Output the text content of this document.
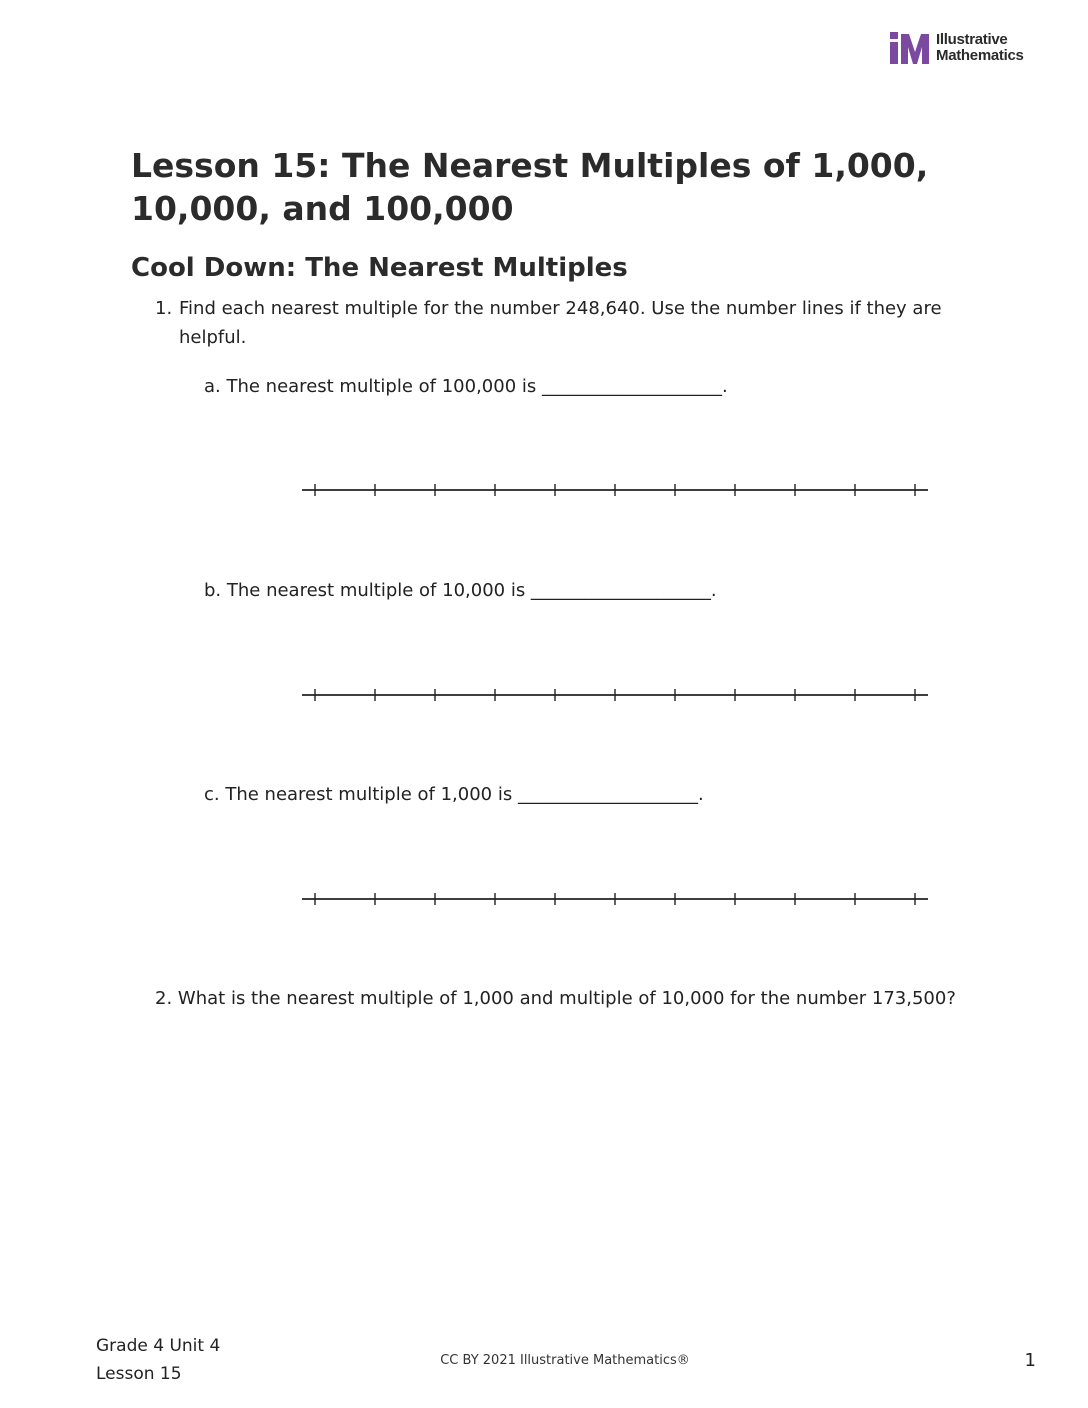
Illustrative
Mathematics
Lesson 15: The Nearest Multiples of 1,000, 10,000, and 100,000
Cool Down: The Nearest Multiples
1. Find each nearest multiple for the number 248,640. Use the number lines if they are helpful.
a. The nearest multiple of 100,000 is ____________________.
b. The nearest multiple of 10,000 is ____________________.
c. The nearest multiple of 1,000 is ____________________.
2. What is the nearest multiple of 1,000 and multiple of 10,000 for the number 173,500?
Grade 4 Unit 4
Lesson 15
CC BY 2021 Illustrative Mathematics®	1
